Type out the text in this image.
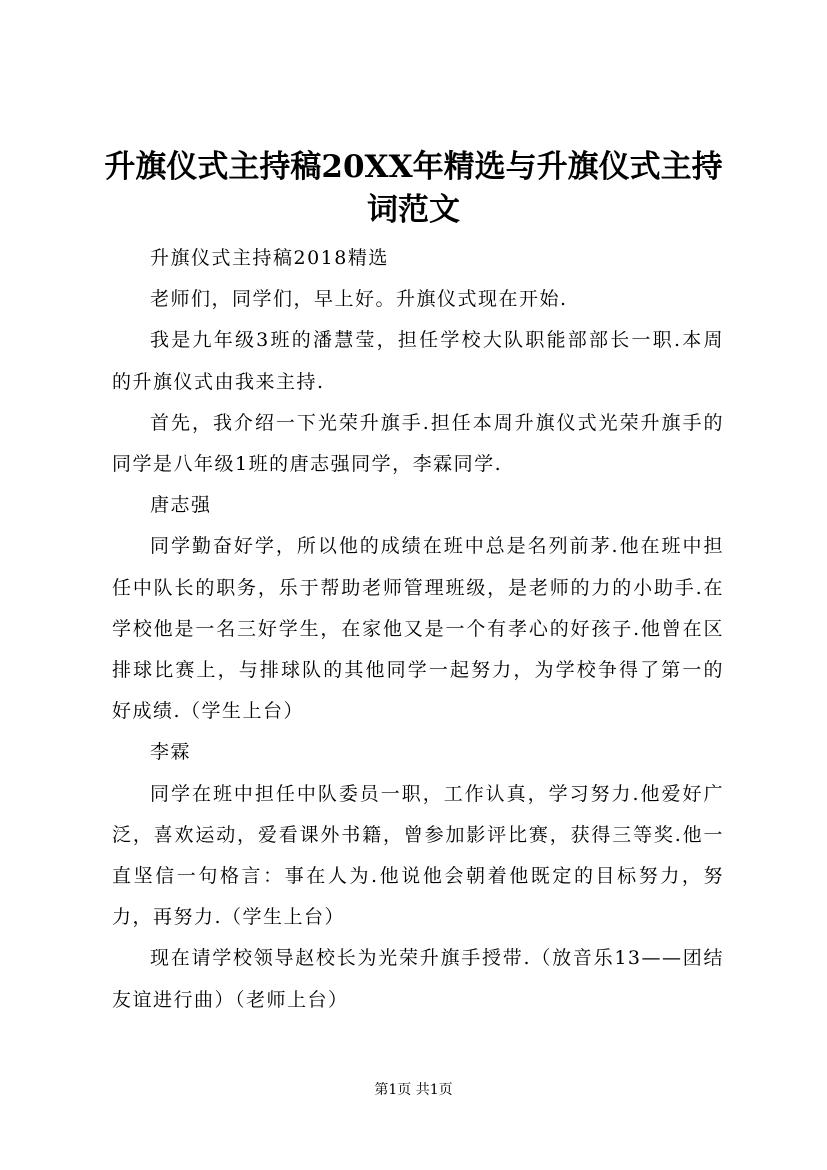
升旗仪式主持稿20XX年精选与升旗仪式主持词范文

升旗仪式主持稿2018精选

老师们，同学们，早上好。升旗仪式现在开始.

我是九年级3班的潘慧莹，担任学校大队职能部部长一职.本周的升旗仪式由我来主持.

首先，我介绍一下光荣升旗手.担任本周升旗仪式光荣升旗手的同学是八年级1班的唐志强同学，李霖同学.

唐志强

同学勤奋好学，所以他的成绩在班中总是名列前茅.他在班中担任中队长的职务，乐于帮助老师管理班级，是老师的力的小助手.在学校他是一名三好学生，在家他又是一个有孝心的好孩子.他曾在区排球比赛上，与排球队的其他同学一起努力，为学校争得了第一的好成绩.（学生上台）

李霖

同学在班中担任中队委员一职，工作认真，学习努力.他爱好广泛，喜欢运动，爱看课外书籍，曾参加影评比赛，获得三等奖.他一直坚信一句格言：事在人为.他说他会朝着他既定的目标努力，努力，再努力.（学生上台）

现在请学校领导赵校长为光荣升旗手授带.（放音乐13——团结友谊进行曲）（老师上台）

第1页 共1页
